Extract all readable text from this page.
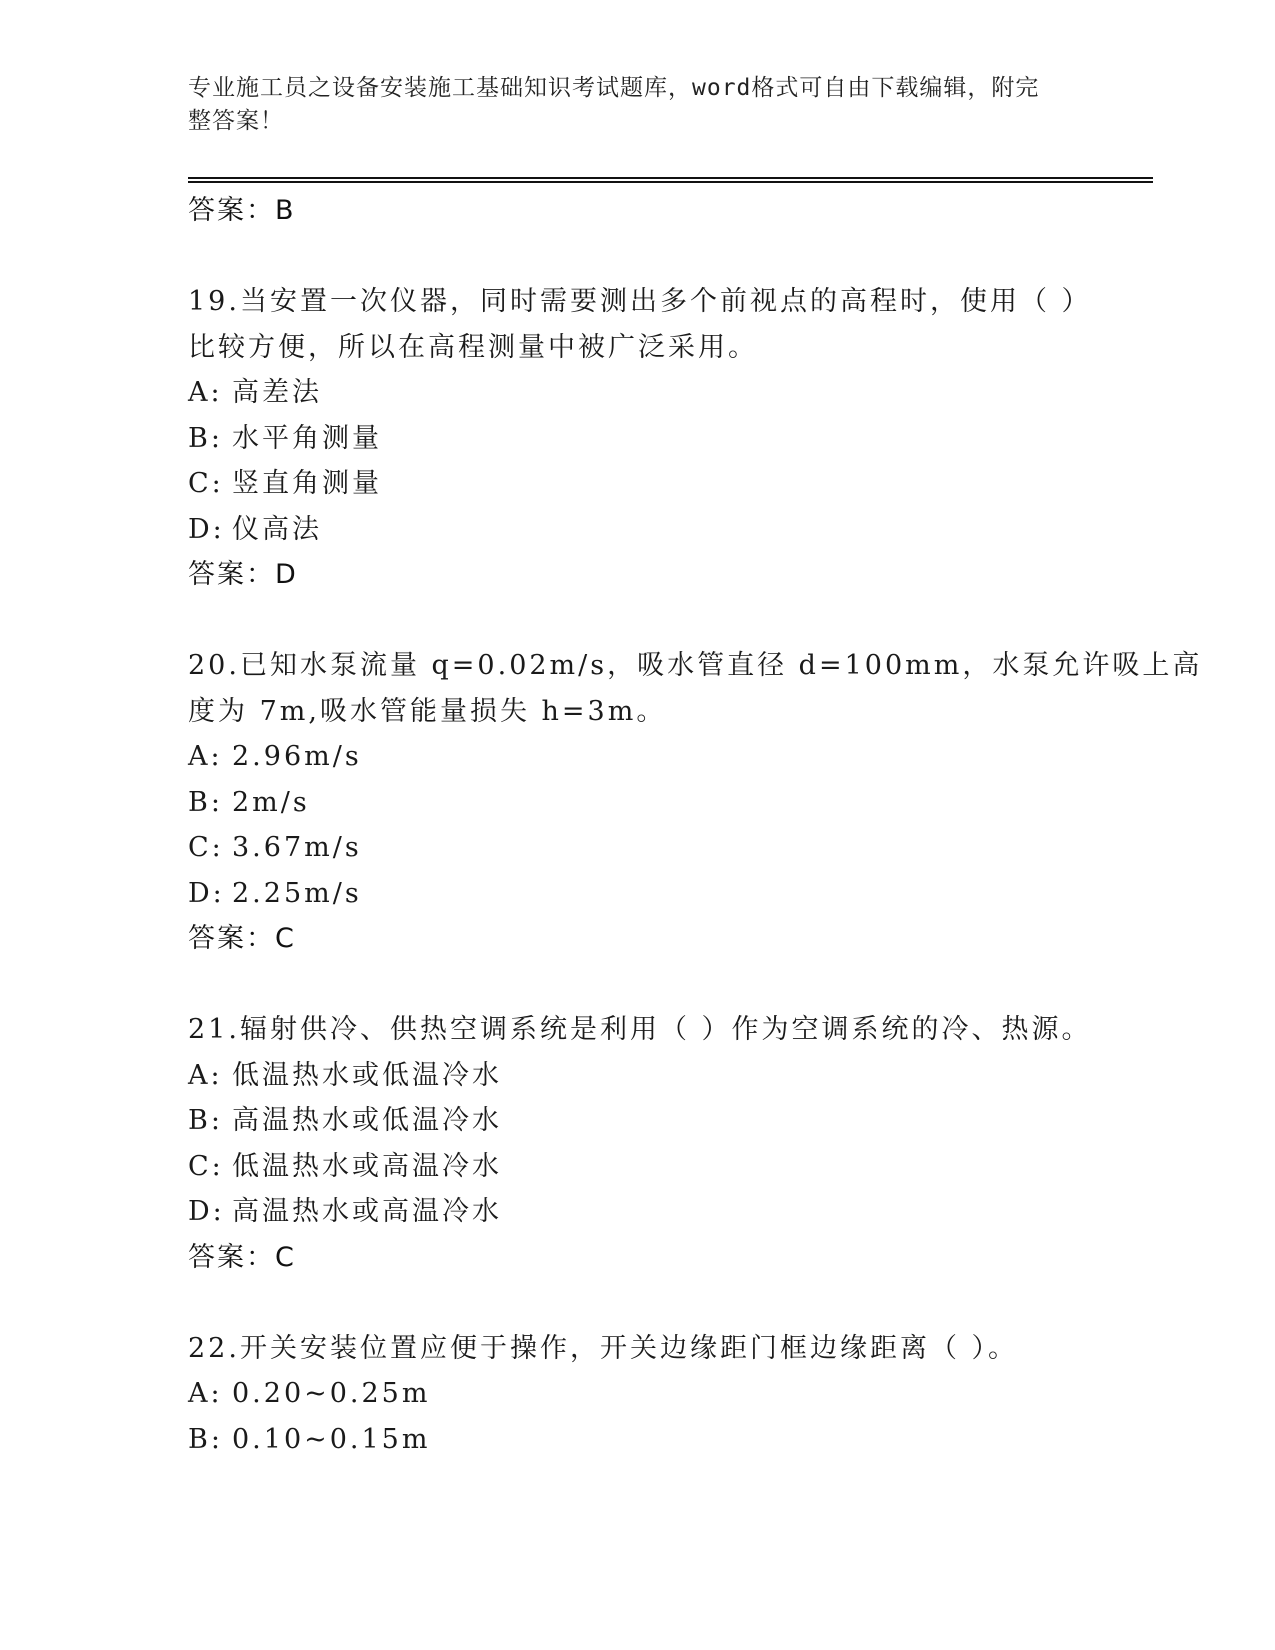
专业施工员之设备安装施工基础知识考试题库，word格式可自由下载编辑，附完
整答案！
答案：B
19.当安置一次仪器，同时需要测出多个前视点的高程时，使用（ ）
比较方便，所以在高程测量中被广泛采用。
A: 高差法
B: 水平角测量
C: 竖直角测量
D: 仪高法
答案：D
20.已知水泵流量 q=0.02m/s，吸水管直径 d=100mm，水泵允许吸上高
度为 7m,吸水管能量损失 h=3m。
A: 2.96m/s
B: 2m/s
C: 3.67m/s
D: 2.25m/s
答案：C
21.辐射供冷、供热空调系统是利用（ ）作为空调系统的冷、热源。
A: 低温热水或低温冷水
B: 高温热水或低温冷水
C: 低温热水或高温冷水
D: 高温热水或高温冷水
答案：C
22.开关安装位置应便于操作，开关边缘距门框边缘距离（ ）。
A: 0.20~0.25m
B: 0.10~0.15m
